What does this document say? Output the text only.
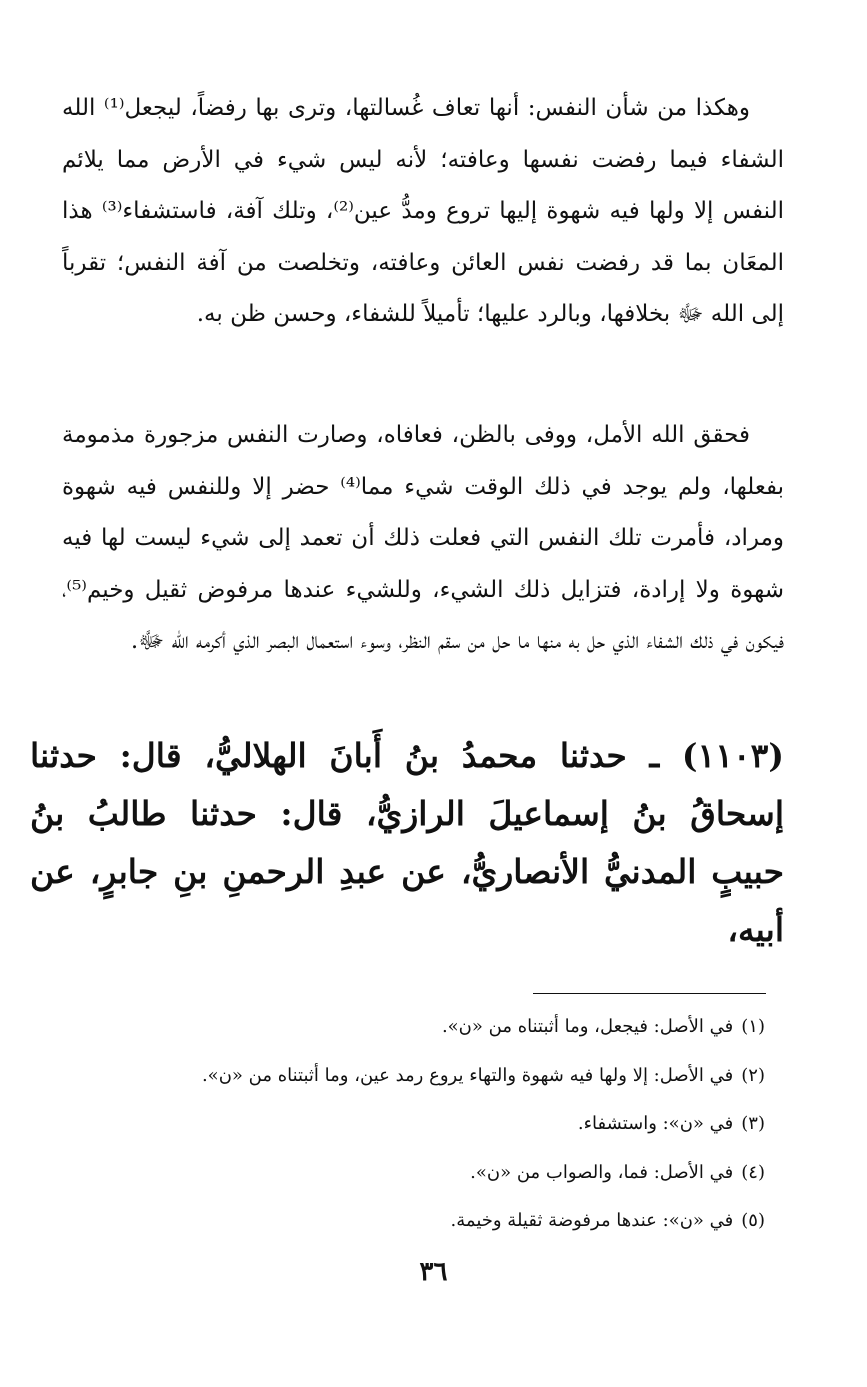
وهكذا من شأن النفس: أنها تعاف غُسالتها، وترى بها رفضاً، ليجعل⁽¹⁾ الله الشفاء فيما رفضت نفسها وعافته؛ لأنه ليس شيء في الأرض مما يلائم النفس إلا ولها فيه شهوة إليها تروع ومدُّ عين⁽²⁾، وتلك آفة، فاستشفاء⁽³⁾ هذا المعَان بما قد رفضت نفس العائن وعافته، وتخلصت من آفة النفس؛ تقرباً إلى الله ﷻ بخلافها، وبالرد عليها؛ تأميلاً للشفاء، وحسن ظن به.

فحقق الله الأمل، ووفى بالظن، فعافاه، وصارت النفس مزجورة مذمومة بفعلها، ولم يوجد في ذلك الوقت شيء مما⁽⁴⁾ حضر إلا وللنفس فيه شهوة ومراد، فأمرت تلك النفس التي فعلت ذلك أن تعمد إلى شيء ليست لها فيه شهوة ولا إرادة، فتزايل ذلك الشيء، وللشيء عندها مرفوض ثقيل وخيم⁽⁵⁾، فيكون في ذلك الشفاء الذي حل به منها ما حل من سقم النظر، وسوء استعمال البصر الذي أكرمه الله ﷻ.

(١١٠٣) ـ حدثنا محمدُ بنُ أَبانَ الهلاليُّ، قال: حدثنا إسحاقُ بنُ إسماعيلَ الرازيُّ، قال: حدثنا طالبُ بنُ حبيبٍ المدنيُّ الأنصاريُّ، عن عبدِ الرحمنِ بنِ جابرٍ، عن أبيه،

(١)في الأصل: فيجعل، وما أثبتناه من «ن».
(٢)في الأصل: إلا ولها فيه شهوة والتهاء يروع رمد عين، وما أثبتناه من «ن».
(٣)في «ن»: واستشفاء.
(٤)في الأصل: فما، والصواب من «ن».
(٥)في «ن»: عندها مرفوضة ثقيلة وخيمة.
٣٦
